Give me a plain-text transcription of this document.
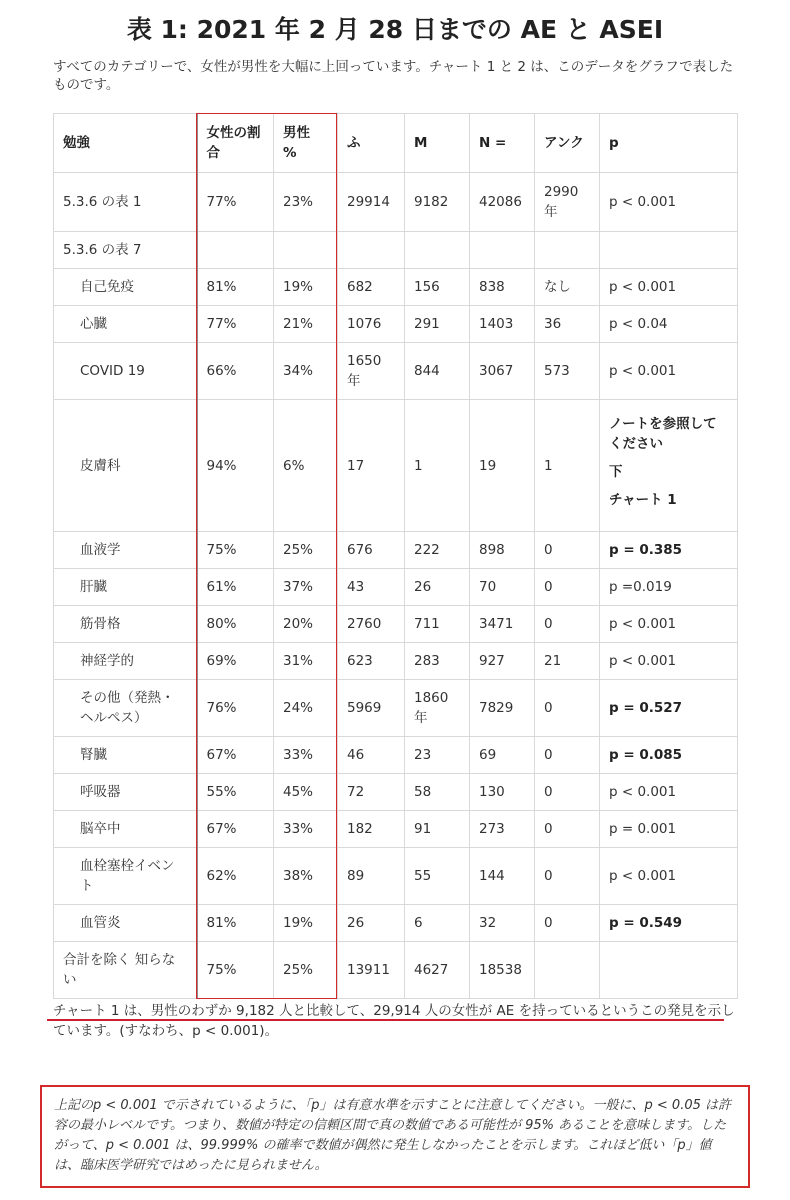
表 1: 2021 年 2 月 28 日までの AE と ASEI

すべてのカテゴリーで、女性が男性を大幅に上回っています。チャート 1 と 2 は、このデータをグラフで表したものです。

勉強	女性の割合	男性 %	ふ	M	N =	アンク	p
5.3.6 の表 1	77%	23%	29914	9182	42086	2990 年	p < 0.001
5.3.6 の表 7							
自己免疫	81%	19%	682	156	838	なし	p < 0.001
心臓	77%	21%	1076	291	1403	36	p < 0.04
COVID 19	66%	34%	1650 年	844	3067	573	p < 0.001
皮膚科	94%	6%	17	1	19	1	ノートを参照してください
下
チャート 1

血液学	75%	25%	676	222	898	0	p = 0.385
肝臓	61%	37%	43	26	70	0	p =0.019
筋骨格	80%	20%	2760	711	3471	0	p < 0.001
神経学的	69%	31%	623	283	927	21	p < 0.001
その他（発熱・ヘルペス）	76%	24%	5969	1860 年	7829	0	p = 0.527
腎臓	67%	33%	46	23	69	0	p = 0.085
呼吸器	55%	45%	72	58	130	0	p < 0.001
脳卒中	67%	33%	182	91	273	0	p = 0.001
血栓塞栓イベント	62%	38%	89	55	144	0	p < 0.001
血管炎	81%	19%	26	6	32	0	p = 0.549
合計を除く 知らない	75%	25%	13911	4627	18538		

チャート 1 は、男性のわずか 9,182 人と比較して、29,914 人の女性が AE を持っているというこの発見を示しています。(すなわち、p < 0.001)。

上記のp < 0.001 で示されているように、「p」は有意水準を示すことに注意してください。一般に、p < 0.05 は許容の最小レベルです。つまり、数値が特定の信頼区間で真の数値である可能性が 95% あることを意味します。したがって、p < 0.001 は、99.999% の確率で数値が偶然に発生しなかったことを示します。これほど低い「p」値は、臨床医学研究ではめったに見られません。
